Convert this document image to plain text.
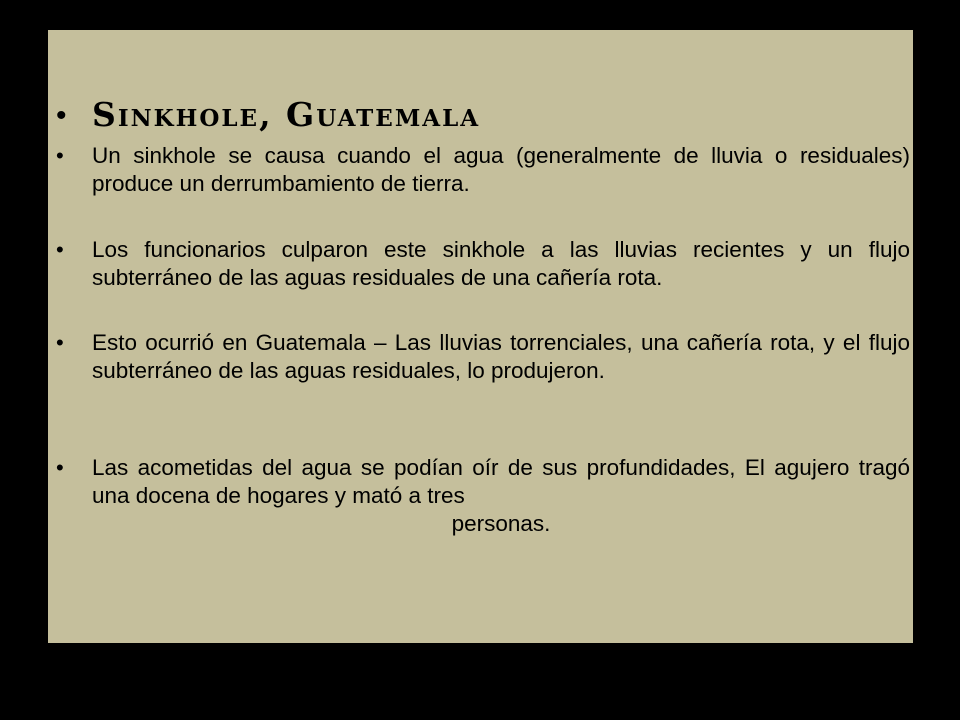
• Sinkhole, Guatemala
• Un sinkhole se causa cuando el agua (generalmente de lluvia o residuales) produce un derrumbamiento de tierra.
• Los funcionarios culparon este sinkhole a las lluvias recientes y un flujo subterráneo de las aguas residuales de una cañería rota.
• Esto ocurrió en Guatemala – Las lluvias torrenciales, una cañería rota, y el flujo subterráneo de las aguas residuales, lo produjeron.
• Las acometidas del agua se podían oír de sus profundidades, El agujero tragó una docena de hogares y mató a tres
personas.
